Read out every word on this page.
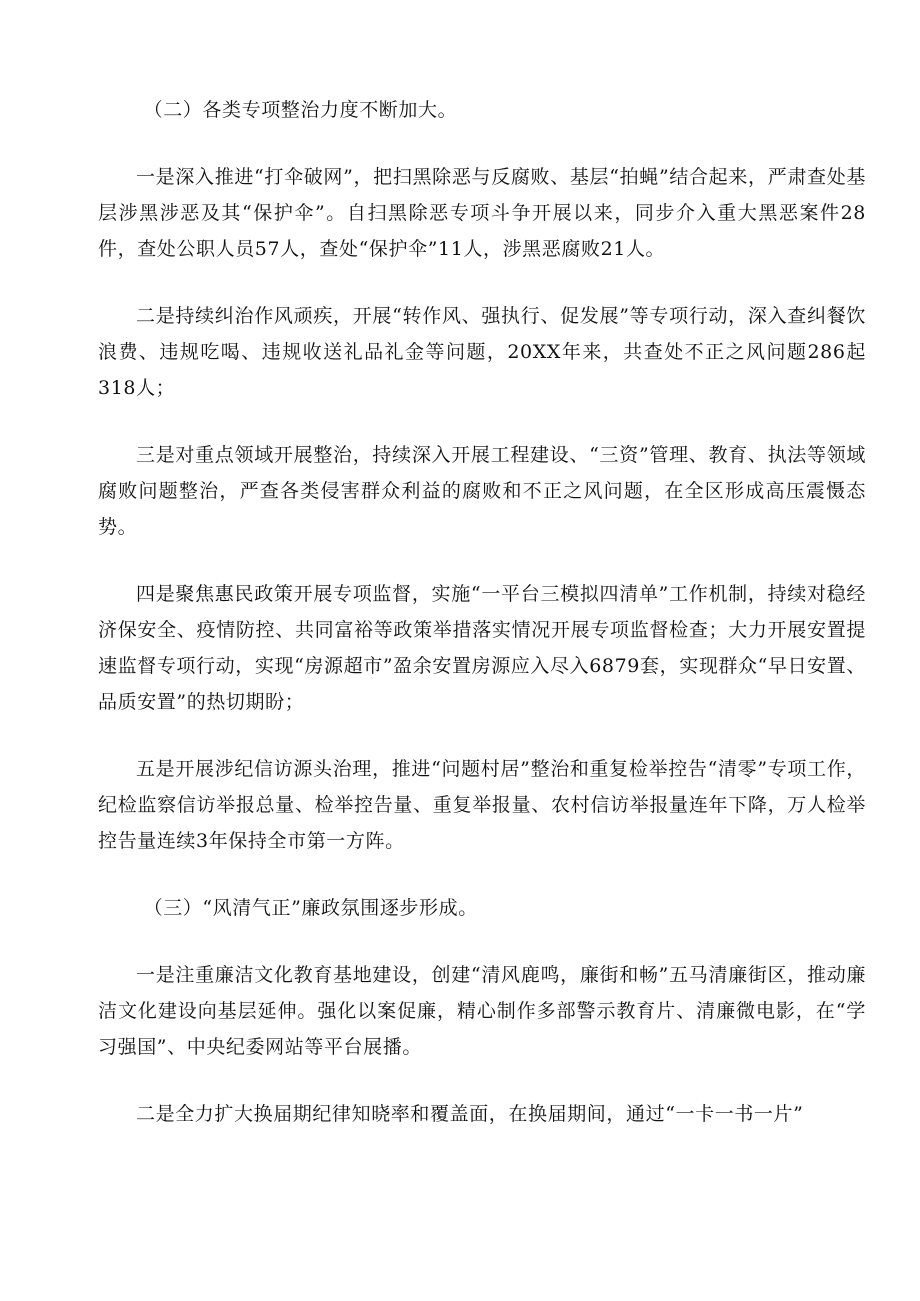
（二）各类专项整治力度不断加大。

一是深入推进“打伞破网”，把扫黑除恶与反腐败、基层“拍蝇”结合起来，严肃查处基层涉黑涉恶及其“保护伞”。自扫黑除恶专项斗争开展以来，同步介入重大黑恶案件28件，查处公职人员57人，查处“保护伞”11人，涉黑恶腐败21人。

二是持续纠治作风顽疾，开展“转作风、强执行、促发展”等专项行动，深入查纠餐饮浪费、违规吃喝、违规收送礼品礼金等问题，20XX年来，共查处不正之风问题286起318人；

三是对重点领域开展整治，持续深入开展工程建设、“三资”管理、教育、执法等领域腐败问题整治，严查各类侵害群众利益的腐败和不正之风问题，在全区形成高压震慑态势。

四是聚焦惠民政策开展专项监督，实施“一平台三模拟四清单”工作机制，持续对稳经济保安全、疫情防控、共同富裕等政策举措落实情况开展专项监督检查；大力开展安置提速监督专项行动，实现“房源超市”盈余安置房源应入尽入6879套，实现群众“早日安置、品质安置”的热切期盼；

五是开展涉纪信访源头治理，推进“问题村居”整治和重复检举控告“清零”专项工作，纪检监察信访举报总量、检举控告量、重复举报量、农村信访举报量连年下降，万人检举控告量连续3年保持全市第一方阵。

（三）“风清气正”廉政氛围逐步形成。

一是注重廉洁文化教育基地建设，创建“清风鹿鸣，廉街和畅”五马清廉街区，推动廉洁文化建设向基层延伸。强化以案促廉，精心制作多部警示教育片、清廉微电影，在“学习强国”、中央纪委网站等平台展播。

二是全力扩大换届期纪律知晓率和覆盖面，在换届期间，通过“一卡一书一片”
